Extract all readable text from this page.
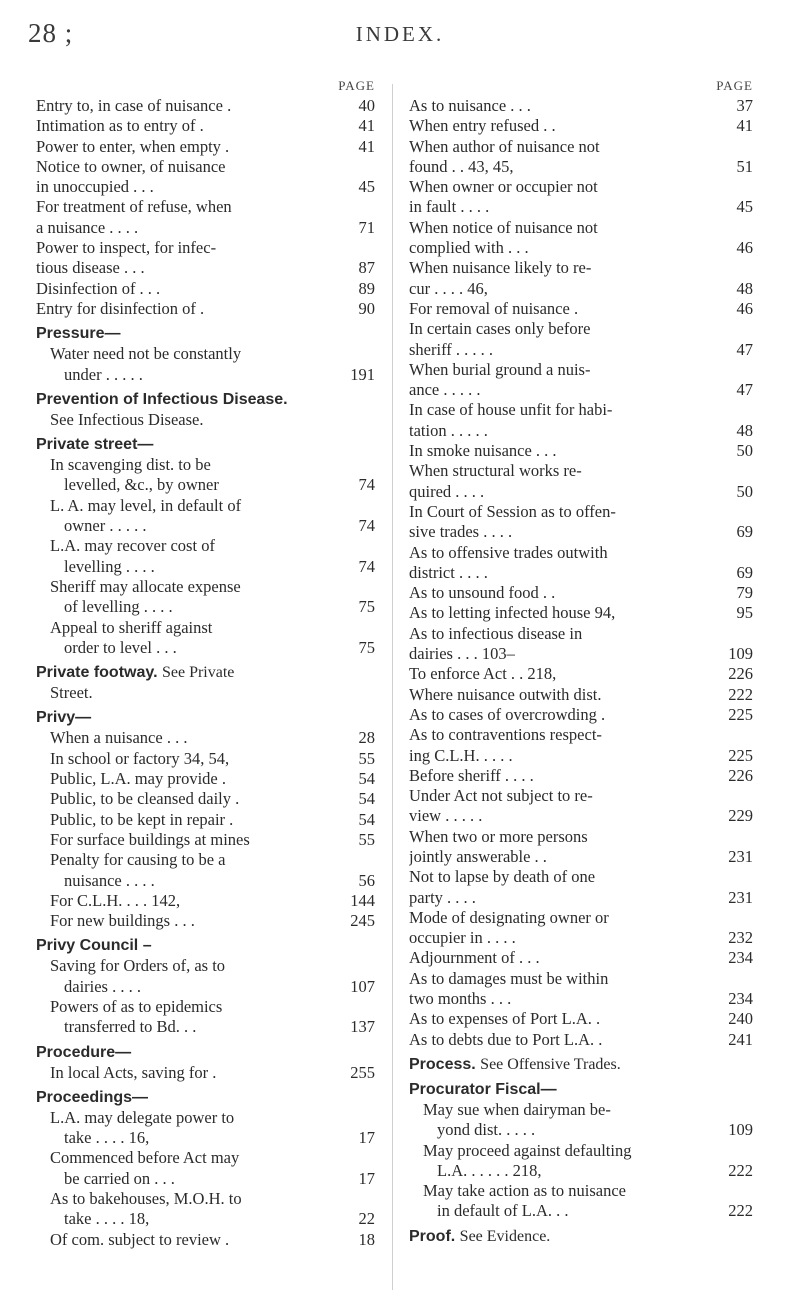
28 ;	INDEX.
PAGE
Entry to, in case of nuisance .	40
Intimation as to entry of .	41
Power to enter, when empty .	41
Notice to owner, of nuisance
in unoccupied . . .	45
For treatment of refuse, when
a nuisance . . . .	71
Power to inspect, for infec-
tious disease . . .	87
Disinfection of . . .	89
Entry for disinfection of .	90
Pressure—
Water need not be constantly
under . . . . .	191
Prevention of Infectious Disease.
See Infectious Disease.
Private street—
In scavenging dist. to be
levelled, &c., by owner	74
L. A. may level, in default of
owner . . . . .	74
L.A. may recover cost of
levelling . . . .	74
Sheriff may allocate expense
of levelling . . . .	75
Appeal to sheriff against
order to level . . .	75
Private footway. See Private
Street.
Privy—
When a nuisance . . .	28
In school or factory 34, 54,	55
Public, L.A. may provide .	54
Public, to be cleansed daily .	54
Public, to be kept in repair .	54
For surface buildings at mines	55
Penalty for causing to be a
nuisance . . . .	56
For C.L.H. . . . 142,	144
For new buildings . . .	245
Privy Council –
Saving for Orders of, as to
dairies . . . .	107
Powers of as to epidemics
transferred to Bd. . .	137
Procedure—
In local Acts, saving for .	255
Proceedings—
L.A. may delegate power to
take . . . . 16,	17
Commenced before Act may
be carried on . . .	17
As to bakehouses, M.O.H. to
take . . . . 18,	22
Of com. subject to review .	18
PAGE
As to nuisance . . .	37
When entry refused . .	41
When author of nuisance not
found . . 43, 45,	51
When owner or occupier not
in fault . . . .	45
When notice of nuisance not
complied with . . .	46
When nuisance likely to re-
cur . . . . 46,	48
For removal of nuisance .	46
In certain cases only before
sheriff . . . . .	47
When burial ground a nuis-
ance . . . . .	47
In case of house unfit for habi-
tation . . . . .	48
In smoke nuisance . . .	50
When structural works re-
quired . . . .	50
In Court of Session as to offen-
sive trades . . . .	69
As to offensive trades outwith
district . . . .	69
As to unsound food . .	79
As to letting infected house 94,	95
As to infectious disease in
dairies . . . 103–	109
To enforce Act . . 218,	226
Where nuisance outwith dist.	222
As to cases of overcrowding .	225
As to contraventions respect-
ing C.L.H. . . . .	225
Before sheriff . . . .	226
Under Act not subject to re-
view . . . . .	229
When two or more persons
jointly answerable . .	231
Not to lapse by death of one
party . . . .	231
Mode of designating owner or
occupier in . . . .	232
Adjournment of . . .	234
As to damages must be within
two months . . .	234
As to expenses of Port L.A. .	240
As to debts due to Port L.A. .	241
Process. See Offensive Trades.
Procurator Fiscal—
May sue when dairyman be-
yond dist. . . . .	109
May proceed against defaulting
L.A. . . . . . 218,	222
May take action as to nuisance
in default of L.A. . .	222
Proof. See Evidence.
